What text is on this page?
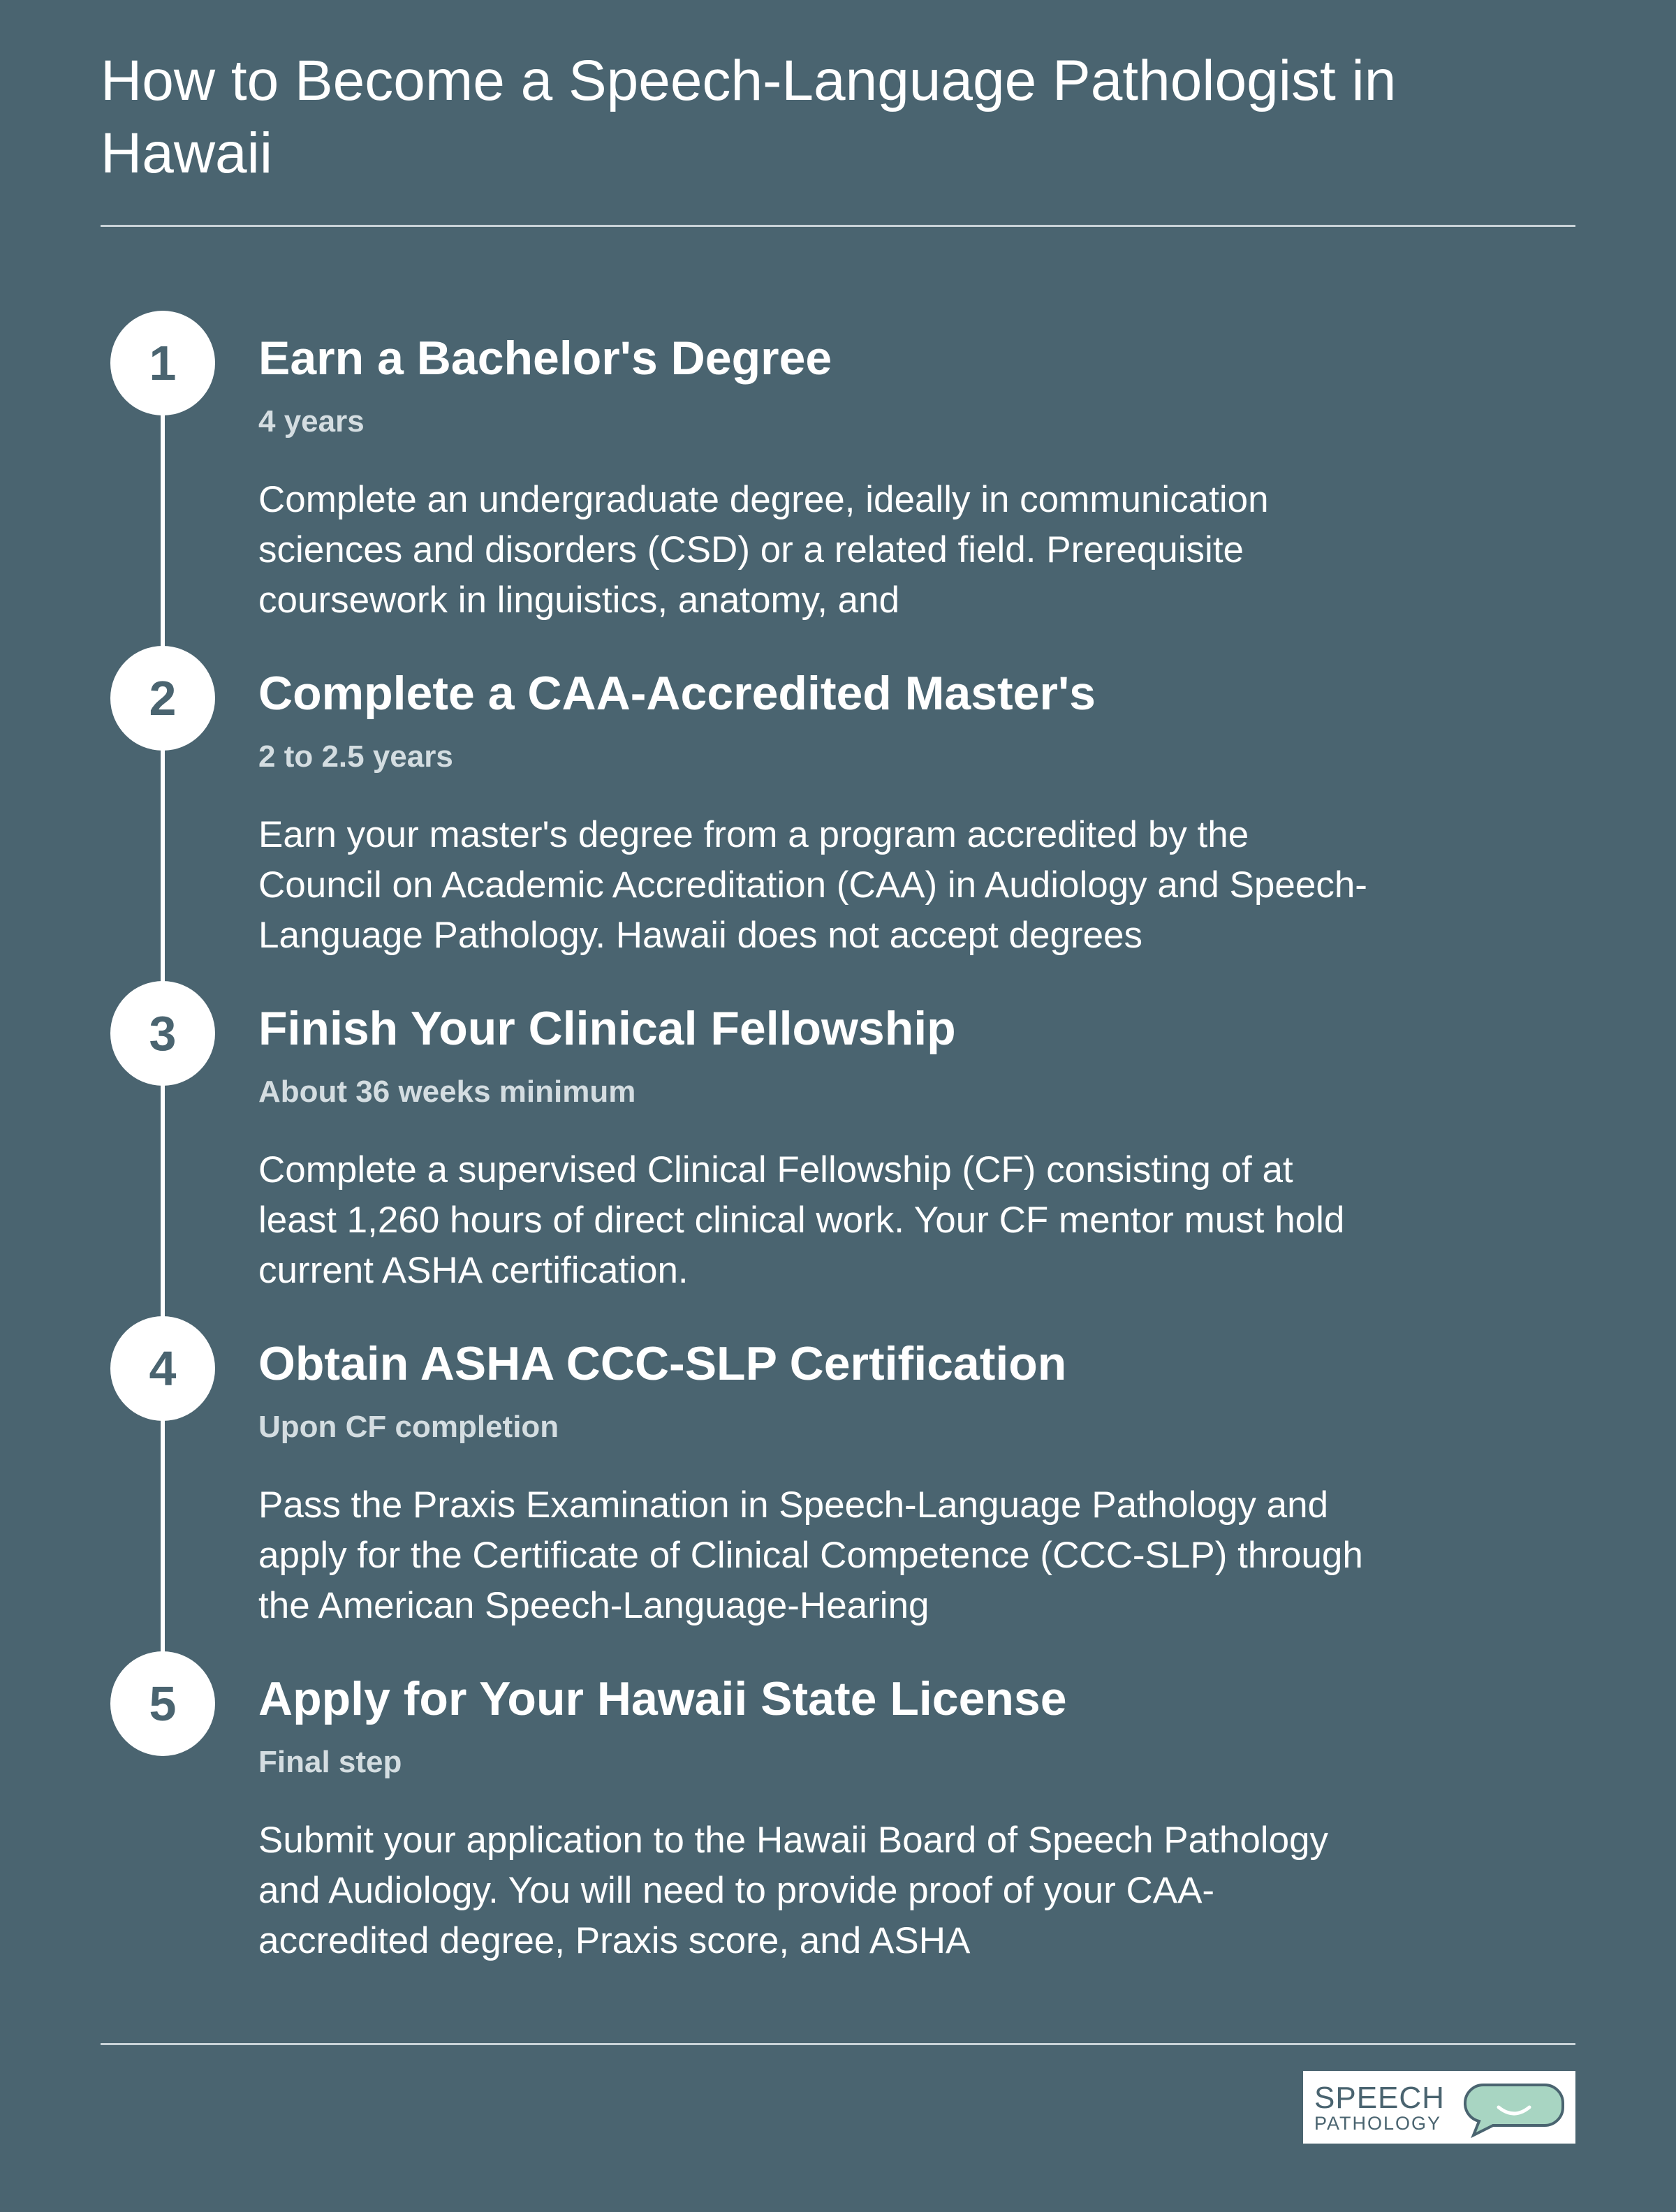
How to Become a Speech-Language Pathologist in Hawaii
1	Earn a Bachelor's Degree
4 years

Complete an undergraduate degree, ideally in communication sciences and disorders (CSD) or a related field. Prerequisite coursework in linguistics, anatomy, and

2	Complete a CAA-Accredited Master's
2 to 2.5 years

Earn your master's degree from a program accredited by the Council on Academic Accreditation (CAA) in Audiology and Speech-Language Pathology. Hawaii does not accept degrees

3	Finish Your Clinical Fellowship
About 36 weeks minimum

Complete a supervised Clinical Fellowship (CF) consisting of at least 1,260 hours of direct clinical work. Your CF mentor must hold current ASHA certification.

4	Obtain ASHA CCC-SLP Certification
Upon CF completion

Pass the Praxis Examination in Speech-Language Pathology and apply for the Certificate of Clinical Competence (CCC-SLP) through the American Speech-Language-Hearing

5	Apply for Your Hawaii State License
Final step

Submit your application to the Hawaii Board of Speech Pathology and Audiology. You will need to provide proof of your CAA-accredited degree, Praxis score, and ASHA

SPEECH
PATHOLOGY
